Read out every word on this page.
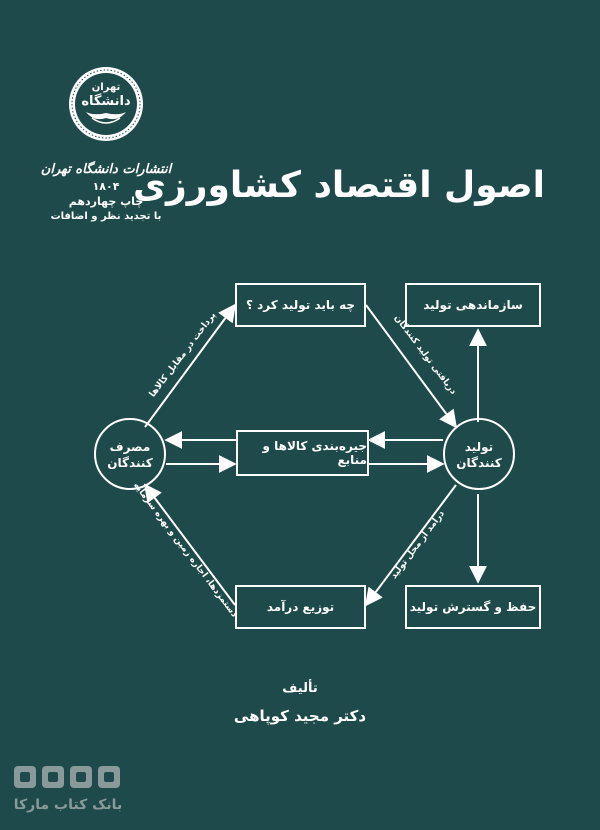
تهران
دانشگاه
انتشارات دانشگاه تهران
۱۸۰۴
چاپ چهاردهم
با تجدید نظر و اضافات
اصول اقتصاد کشاورزی
چه باید تولید کرد ؟	سازماندهی تولید
جیره‌بندی کالاها و منابع
توزیع درآمد	حفظ و گسترش تولید
مصرف
کنندگان
تولید
کنندگان
پرداخت در مقابل کالاها	دریافتی تولید کنندگان
درآمد از محل تولید
دستمزدها، اجاره زمین و بهره سرمایه
تألیف
دکتر مجید کوپاهی
بانک کتاب مارکا
